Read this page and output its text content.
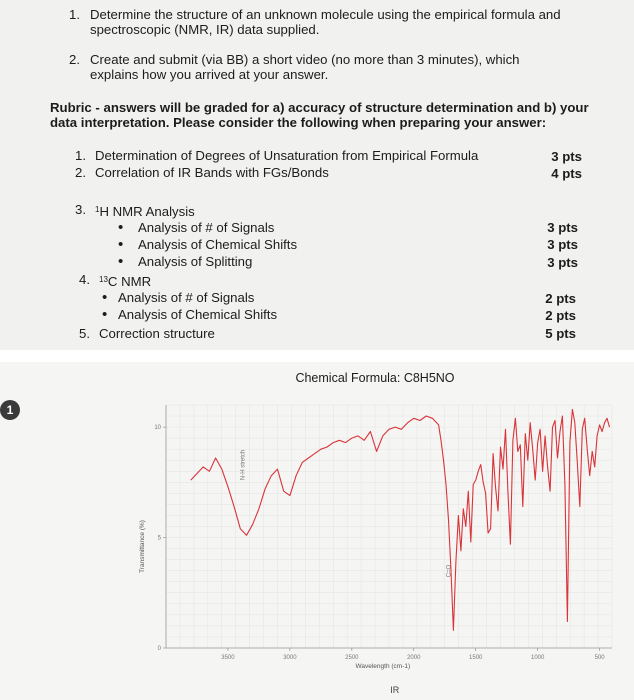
1. Determine the structure of an unknown molecule using the empirical formula and
spectroscopic (NMR, IR) data supplied.
2. Create and submit (via BB) a short video (no more than 3 minutes), which
explains how you arrived at your answer.
Rubric - answers will be graded for a) accuracy of structure determination and b) your
data interpretation. Please consider the following when preparing your answer:
1. Determination of Degrees of Unsaturation from Empirical Formula	3 pts
2. Correlation of IR Bands with FGs/Bonds	4 pts
3. $^1$H NMR Analysis
• Analysis of # of Signals	3 pts
• Analysis of Chemical Shifts	3 pts
• Analysis of Splitting	3 pts
4. $^{13}$C NMR
• Analysis of # of Signals	2 pts
• Analysis of Chemical Shifts	2 pts
5. Correction structure	5 pts
1
Chemical Formula: C8H5NO
3500	3000	2500	2000	1500	1000	500
0
5
10
Wavelength (cm-1)
Transmittance (%)
IR
N-H stretch
C=O
